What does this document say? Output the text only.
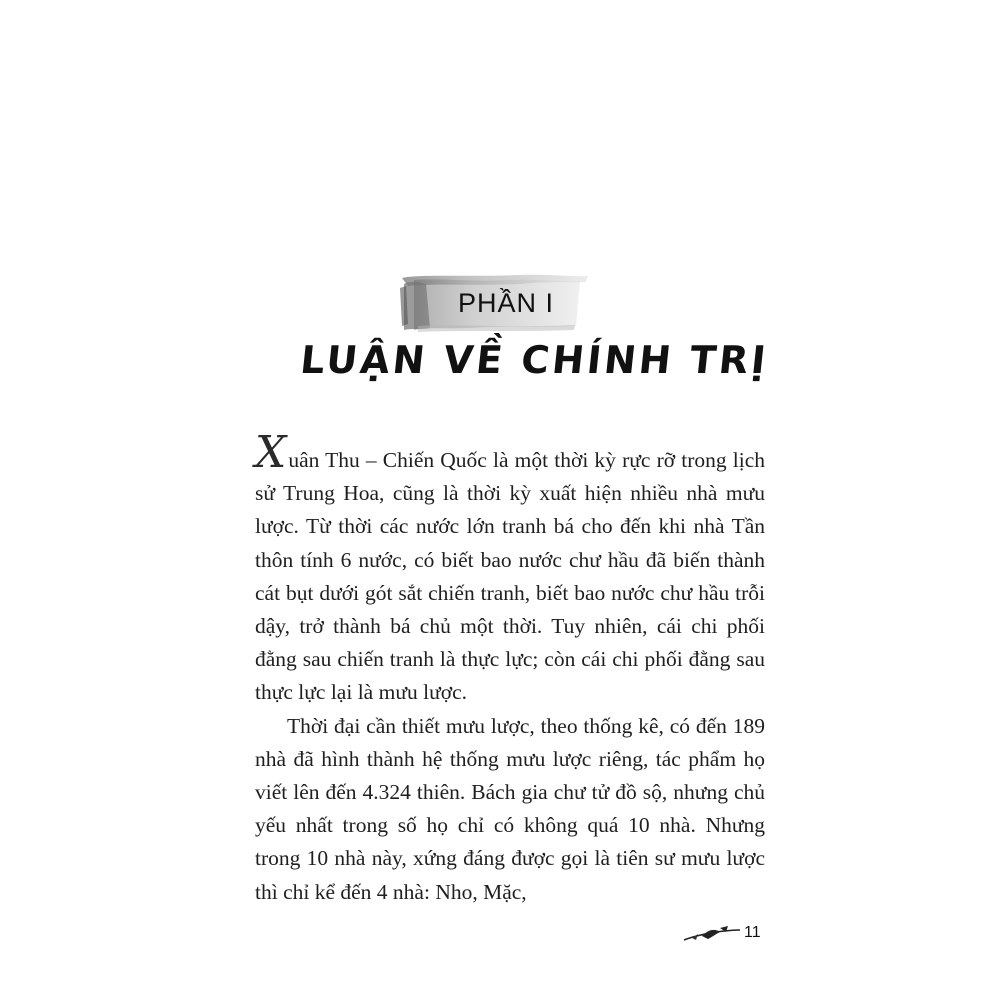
PHẦN I
LUẬN VỀ CHÍNH TRỊ

Xuân Thu – Chiến Quốc là một thời kỳ rực rỡ trong lịch sử Trung Hoa, cũng là thời kỳ xuất hiện nhiều nhà mưu lược. Từ thời các nước lớn tranh bá cho đến khi nhà Tần thôn tính 6 nước, có biết bao nước chư hầu đã biến thành cát bụt dưới gót sắt chiến tranh, biết bao nước chư hầu trỗi dậy, trở thành bá chủ một thời. Tuy nhiên, cái chi phối đằng sau chiến tranh là thực lực; còn cái chi phối đằng sau thực lực lại là mưu lược.

Thời đại cần thiết mưu lược, theo thống kê, có đến 189 nhà đã hình thành hệ thống mưu lược riêng, tác phẩm họ viết lên đến 4.324 thiên. Bách gia chư tử đồ sộ, nhưng chủ yếu nhất trong số họ chỉ có không quá 10 nhà. Nhưng trong 10 nhà này, xứng đáng được gọi là tiên sư mưu lược thì chỉ kể đến 4 nhà: Nho, Mặc,

11
